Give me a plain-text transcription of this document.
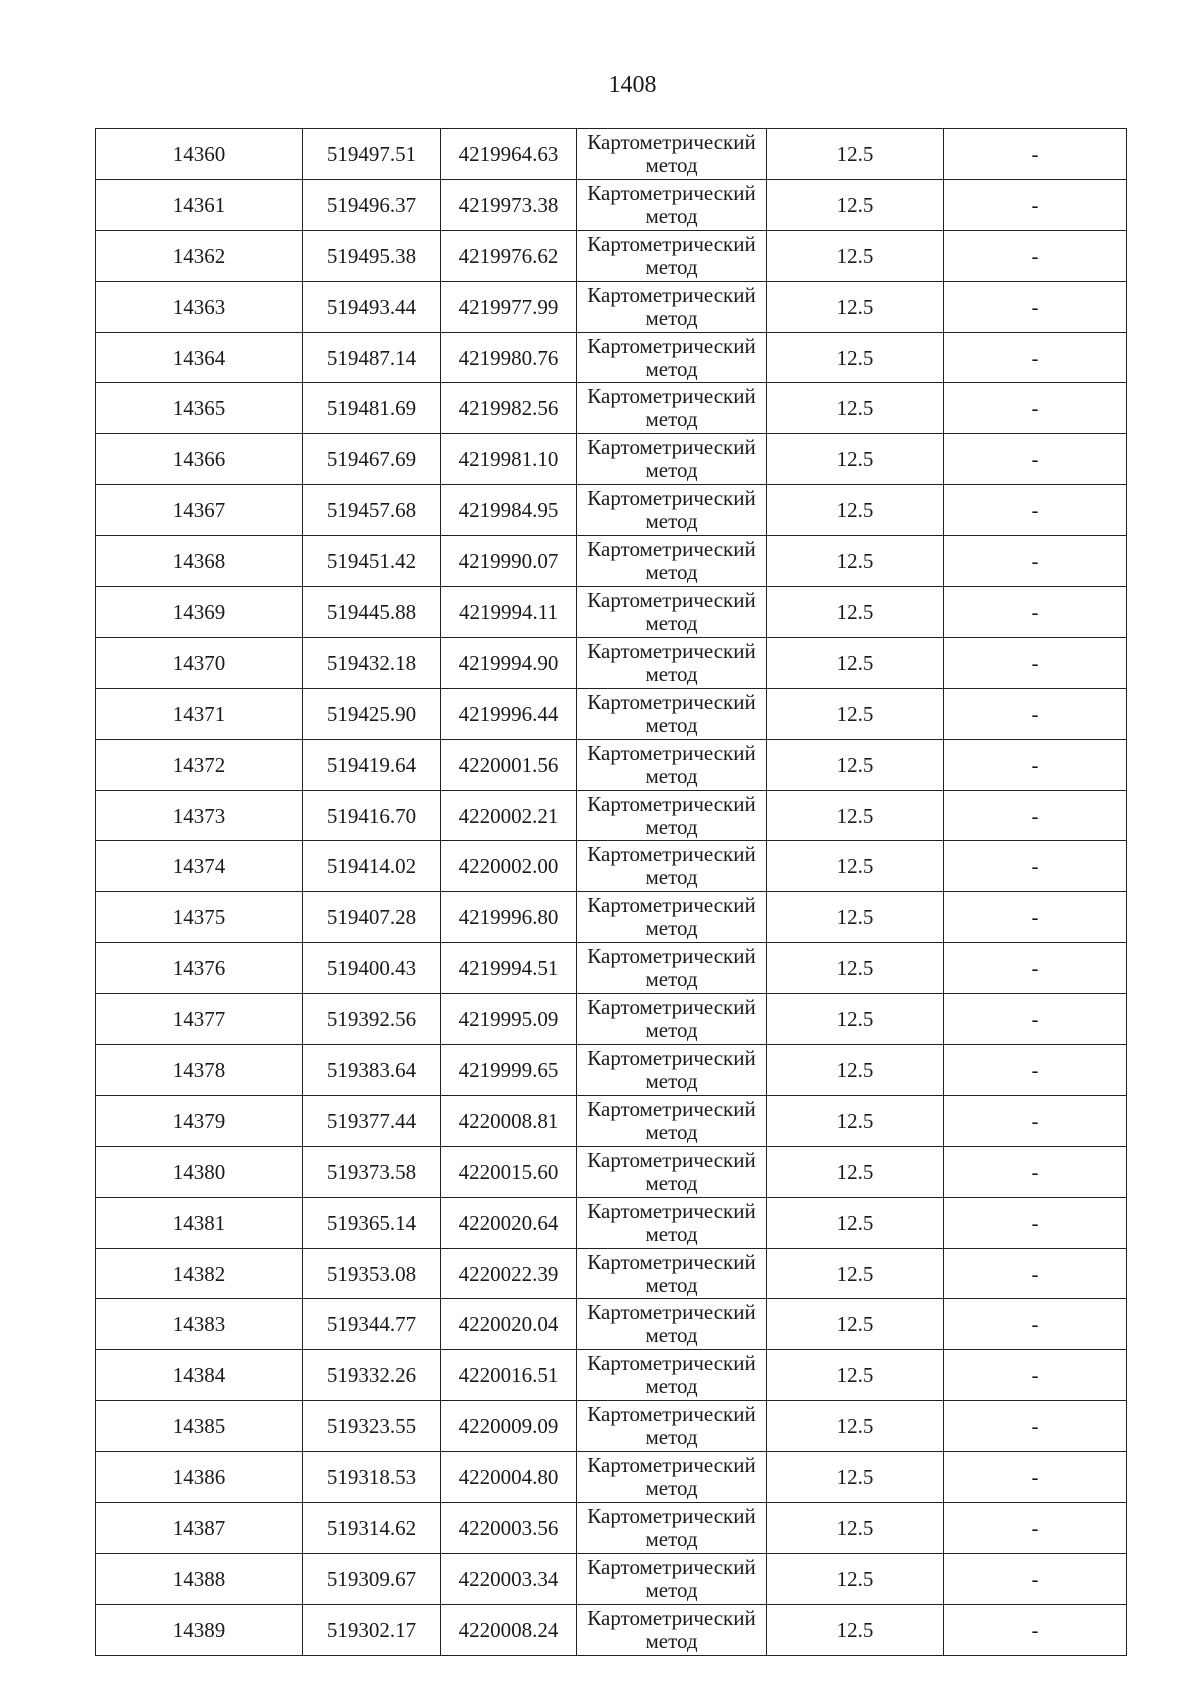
1408
14360	519497.51	4219964.63	Картометрический метод	12.5	-
14361	519496.37	4219973.38	Картометрический метод	12.5	-
14362	519495.38	4219976.62	Картометрический метод	12.5	-
14363	519493.44	4219977.99	Картометрический метод	12.5	-
14364	519487.14	4219980.76	Картометрический метод	12.5	-
14365	519481.69	4219982.56	Картометрический метод	12.5	-
14366	519467.69	4219981.10	Картометрический метод	12.5	-
14367	519457.68	4219984.95	Картометрический метод	12.5	-
14368	519451.42	4219990.07	Картометрический метод	12.5	-
14369	519445.88	4219994.11	Картометрический метод	12.5	-
14370	519432.18	4219994.90	Картометрический метод	12.5	-
14371	519425.90	4219996.44	Картометрический метод	12.5	-
14372	519419.64	4220001.56	Картометрический метод	12.5	-
14373	519416.70	4220002.21	Картометрический метод	12.5	-
14374	519414.02	4220002.00	Картометрический метод	12.5	-
14375	519407.28	4219996.80	Картометрический метод	12.5	-
14376	519400.43	4219994.51	Картометрический метод	12.5	-
14377	519392.56	4219995.09	Картометрический метод	12.5	-
14378	519383.64	4219999.65	Картометрический метод	12.5	-
14379	519377.44	4220008.81	Картометрический метод	12.5	-
14380	519373.58	4220015.60	Картометрический метод	12.5	-
14381	519365.14	4220020.64	Картометрический метод	12.5	-
14382	519353.08	4220022.39	Картометрический метод	12.5	-
14383	519344.77	4220020.04	Картометрический метод	12.5	-
14384	519332.26	4220016.51	Картометрический метод	12.5	-
14385	519323.55	4220009.09	Картометрический метод	12.5	-
14386	519318.53	4220004.80	Картометрический метод	12.5	-
14387	519314.62	4220003.56	Картометрический метод	12.5	-
14388	519309.67	4220003.34	Картометрический метод	12.5	-
14389	519302.17	4220008.24	Картометрический метод	12.5	-
